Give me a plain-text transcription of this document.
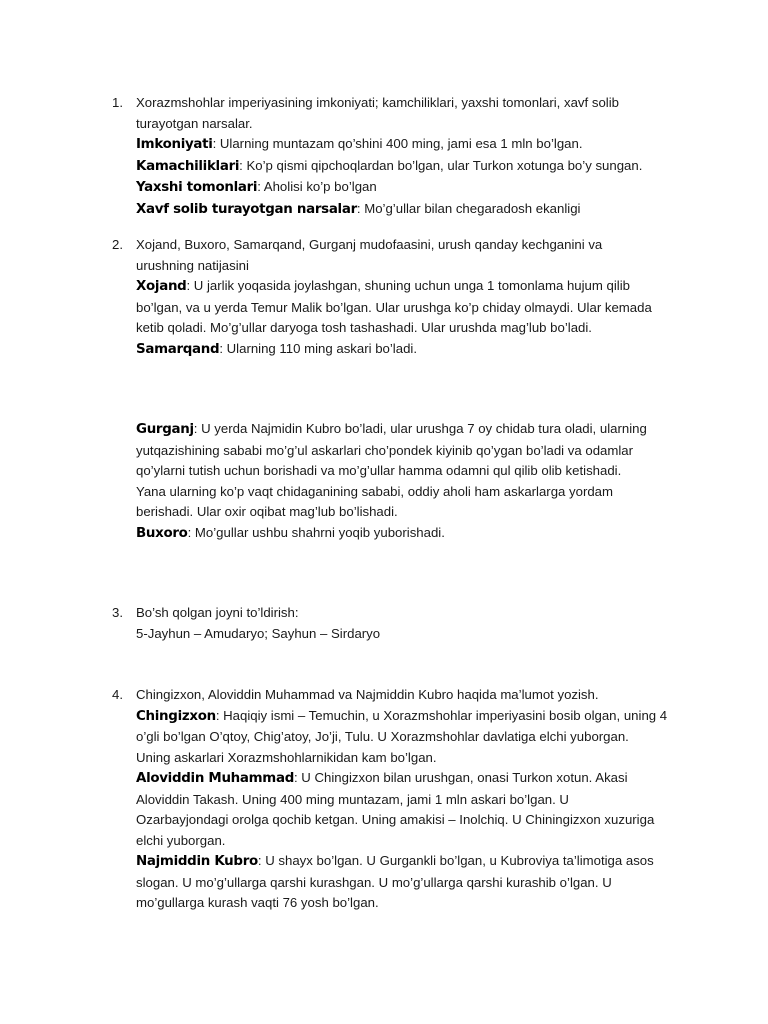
1. Xorazmshohlar imperiyasining imkoniyati; kamchiliklari, yaxshi tomonlari, xavf solib
turayotgan narsalar.
Imkoniyati: Ularning muntazam qo’shini 400 ming, jami esa 1 mln bo’lgan.
Kamachiliklari: Ko’p qismi qipchoqlardan bo’lgan, ular Turkon xotunga bo’y sungan.
Yaxshi tomonlari: Aholisi ko’p bo’lgan
Xavf solib turayotgan narsalar: Mo’g’ullar bilan chegaradosh ekanligi
2. Xojand, Buxoro, Samarqand, Gurganj mudofaasini, urush qanday kechganini va
urushning natijasini
Xojand: U jarlik yoqasida joylashgan, shuning uchun unga 1 tomonlama hujum qilib
bo’lgan, va u yerda Temur Malik bo’lgan. Ular urushga ko’p chiday olmaydi. Ular kemada
ketib qoladi. Mo’g’ullar daryoga tosh tashashadi. Ular urushda mag’lub bo’ladi.
Samarqand: Ularning 110 ming askari bo’ladi.
Gurganj: U yerda Najmidin Kubro bo’ladi, ular urushga 7 oy chidab tura oladi, ularning
yutqazishining sababi mo’g’ul askarlari cho’pondek kiyinib qo’ygan bo’ladi va odamlar
qo’ylarni tutish uchun borishadi va mo’g’ullar hamma odamni qul qilib olib ketishadi.
Yana ularning ko’p vaqt chidaganining sababi, oddiy aholi ham askarlarga yordam
berishadi. Ular oxir oqibat mag’lub bo’lishadi.
Buxoro: Mo’gullar ushbu shahrni yoqib yuborishadi.
3. Bo’sh qolgan joyni to’ldirish:
5-Jayhun – Amudaryo; Sayhun – Sirdaryo
4. Chingizxon, Aloviddin Muhammad va Najmiddin Kubro haqida ma’lumot yozish.
Chingizxon: Haqiqiy ismi – Temuchin, u Xorazmshohlar imperiyasini bosib olgan, uning 4
o’gli bo’lgan O’qtoy, Chig’atoy, Jo’ji, Tulu. U Xorazmshohlar davlatiga elchi yuborgan.
Uning askarlari Xorazmshohlarnikidan kam bo’lgan.
Aloviddin Muhammad: U Chingizxon bilan urushgan, onasi Turkon xotun. Akasi
Aloviddin Takash. Uning 400 ming muntazam, jami 1 mln askari bo’lgan. U
Ozarbayjondagi orolga qochib ketgan. Uning amakisi – Inolchiq. U Chiningizxon xuzuriga
elchi yuborgan.
Najmiddin Kubro: U shayx bo’lgan. U Gurgankli bo’lgan, u Kubroviya ta’limotiga asos
slogan. U mo’g’ullarga qarshi kurashgan. U mo’g’ullarga qarshi kurashib o’lgan. U
mo’gullarga kurash vaqti 76 yosh bo’lgan.
